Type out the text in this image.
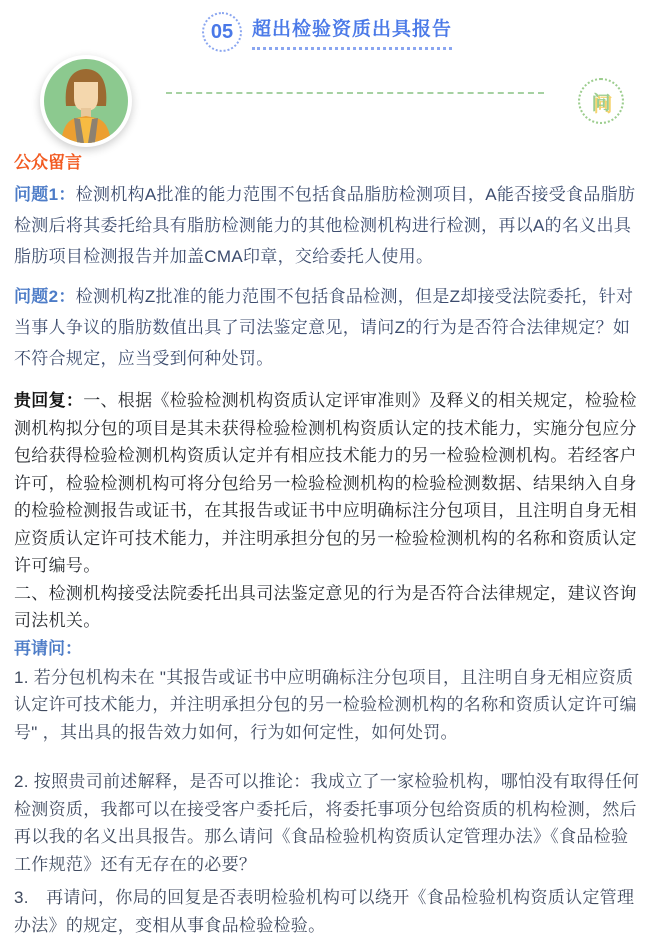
05 超出检验资质出具报告
问
公众留言

问题1：检测机构A批准的能力范围不包括食品脂肪检测项目，A能否接受食品脂肪检测后将其委托给具有脂肪检测能力的其他检测机构进行检测，再以A的名义出具脂肪项目检测报告并加盖CMA印章，交给委托人使用。

问题2：检测机构Z批准的能力范围不包括食品检测，但是Z却接受法院委托，针对当事人争议的脂肪数值出具了司法鉴定意见，请问Z的行为是否符合法律规定？如不符合规定，应当受到何种处罚。

贵回复：一、根据《检验检测机构资质认定评审准则》及释义的相关规定，检验检测机构拟分包的项目是其未获得检验检测机构资质认定的技术能力，实施分包应分包给获得检验检测机构资质认定并有相应技术能力的另一检验检测机构。若经客户许可，检验检测机构可将分包给另一检验检测机构的检验检测数据、结果纳入自身的检验检测报告或证书，在其报告或证书中应明确标注分包项目，且注明自身无相应资质认定许可技术能力，并注明承担分包的另一检验检测机构的名称和资质认定许可编号。
二、检测机构接受法院委托出具司法鉴定意见的行为是否符合法律规定，建议咨询司法机关。

再请问：

1. 若分包机构未在 "其报告或证书中应明确标注分包项目，且注明自身无相应资质认定许可技术能力，并注明承担分包的另一检验检测机构的名称和资质认定许可编号" ，其出具的报告效力如何，行为如何定性，如何处罚。

2. 按照贵司前述解释，是否可以推论：我成立了一家检验机构，哪怕没有取得任何检测资质，我都可以在接受客户委托后，将委托事项分包给资质的机构检测，然后再以我的名义出具报告。那么请问《食品检验机构资质认定管理办法》《食品检验工作规范》还有无存在的必要？

3.　再请问，你局的回复是否表明检验机构可以绕开《食品检验机构资质认定管理办法》的规定，变相从事食品检验检验。
